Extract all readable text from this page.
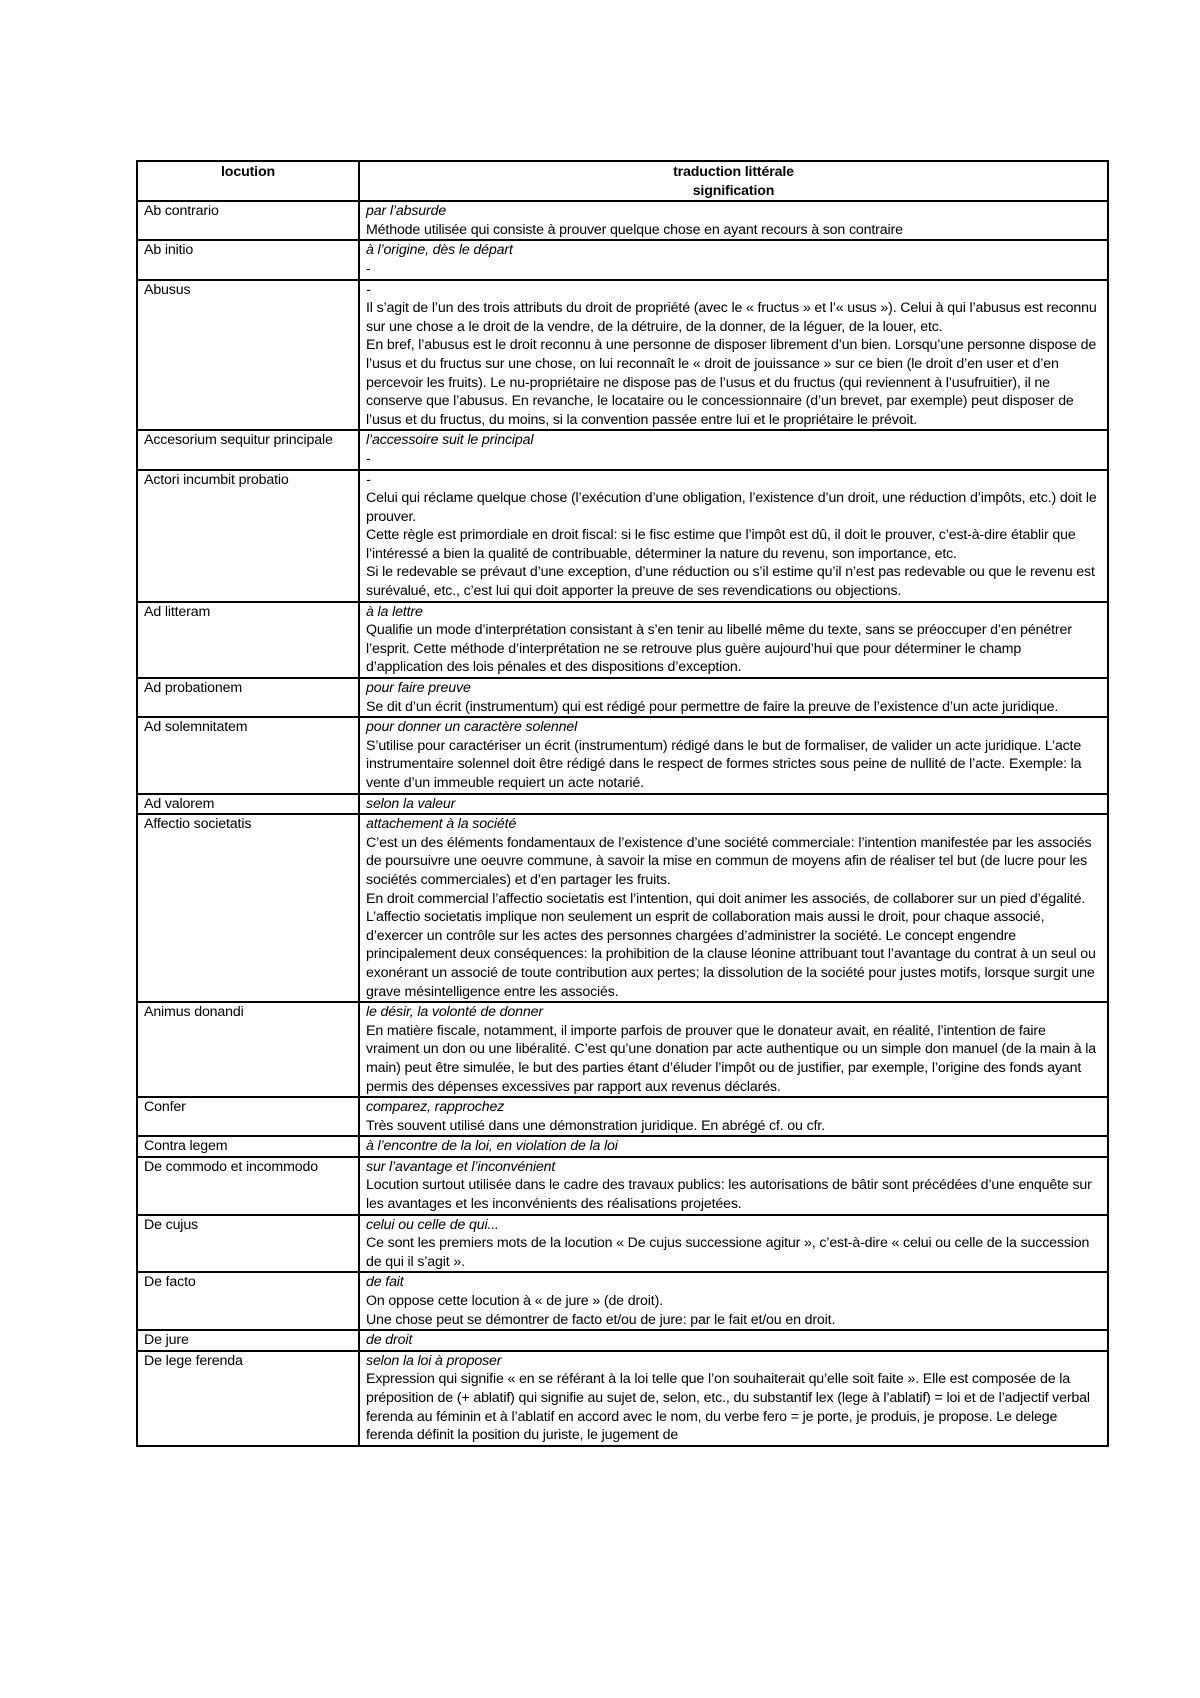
locution	traduction littérale
signification

Ab contrario	par l’absurde
Méthode utilisée qui consiste à prouver quelque chose en ayant recours à son contraire

Ab initio	à l’origine, dès le départ
-

Abusus	-
Il s’agit de l’un des trois attributs du droit de propriété (avec le « fructus » et l’« usus »). Celui à qui l’abusus est reconnu sur une chose a le droit de la vendre, de la détruire, de la donner, de la léguer, de la louer, etc.
En bref, l’abusus est le droit reconnu à une personne de disposer librement d’un bien. Lorsqu’une personne dispose de l’usus et du fructus sur une chose, on lui reconnaît le « droit de jouissance » sur ce bien (le droit d’en user et d’en percevoir les fruits). Le nu-propriétaire ne dispose pas de l’usus et du fructus (qui reviennent à l’usufruitier), il ne conserve que l’abusus. En revanche, le locataire ou le concessionnaire (d’un brevet, par exemple) peut disposer de l’usus et du fructus, du moins, si la convention passée entre lui et le propriétaire le prévoit.

Accesorium sequitur principale	l’accessoire suit le principal
-

Actori incumbit probatio	-
Celui qui réclame quelque chose (l’exécution d’une obligation, l’existence d’un droit, une réduction d’impôts, etc.) doit le prouver.
Cette règle est primordiale en droit fiscal: si le fisc estime que l’impôt est dû, il doit le prouver, c’est-à-dire établir que l’intéressé a bien la qualité de contribuable, déterminer la nature du revenu, son importance, etc.
Si le redevable se prévaut d’une exception, d’une réduction ou s’il estime qu’il n’est pas redevable ou que le revenu est surévalué, etc., c’est lui qui doit apporter la preuve de ses revendications ou objections.

Ad litteram	à la lettre
Qualifie un mode d’interprétation consistant à s’en tenir au libellé même du texte, sans se préoccuper d’en pénétrer l’esprit. Cette méthode d’interprétation ne se retrouve plus guère aujourd’hui que pour déterminer le champ d’application des lois pénales et des dispositions d’exception.

Ad probationem	pour faire preuve
Se dit d’un écrit (instrumentum) qui est rédigé pour permettre de faire la preuve de l’existence d’un acte juridique.

Ad solemnitatem	pour donner un caractère solennel
S’utilise pour caractériser un écrit (instrumentum) rédigé dans le but de formaliser, de valider un acte juridique. L’acte instrumentaire solennel doit être rédigé dans le respect de formes strictes sous peine de nullité de l’acte. Exemple: la vente d’un immeuble requiert un acte notarié.

Ad valorem	selon la valeur

Affectio societatis	attachement à la société
C’est un des éléments fondamentaux de l’existence d’une société commerciale: l’intention manifestée par les associés de poursuivre une oeuvre commune, à savoir la mise en commun de moyens afin de réaliser tel but (de lucre pour les sociétés commerciales) et d’en partager les fruits.
En droit commercial l’affectio societatis est l’intention, qui doit animer les associés, de collaborer sur un pied d’égalité. L’affectio societatis implique non seulement un esprit de collaboration mais aussi le droit, pour chaque associé, d’exercer un contrôle sur les actes des personnes chargées d’administrer la société. Le concept engendre principalement deux conséquences: la prohibition de la clause léonine attribuant tout l’avantage du contrat à un seul ou exonérant un associé de toute contribution aux pertes; la dissolution de la société pour justes motifs, lorsque surgit une grave mésintelligence entre les associés.

Animus donandi	le désir, la volonté de donner
En matière fiscale, notamment, il importe parfois de prouver que le donateur avait, en réalité, l’intention de faire vraiment un don ou une libéralité. C’est qu’une donation par acte authentique ou un simple don manuel (de la main à la main) peut être simulée, le but des parties étant d’éluder l’impôt ou de justifier, par exemple, l’origine des fonds ayant permis des dépenses excessives par rapport aux revenus déclarés.

Confer	comparez, rapprochez
Très souvent utilisé dans une démonstration juridique. En abrégé cf. ou cfr.

Contra legem	à l’encontre de la loi, en violation de la loi

De commodo et incommodo	sur l’avantage et l’inconvénient
Locution surtout utilisée dans le cadre des travaux publics: les autorisations de bâtir sont précédées d’une enquête sur les avantages et les inconvénients des réalisations projetées.

De cujus	celui ou celle de qui...
Ce sont les premiers mots de la locution « De cujus successione agitur », c’est-à-dire « celui ou celle de la succession de qui il s’agit ».

De facto	de fait
On oppose cette locution à « de jure » (de droit).
Une chose peut se démontrer de facto et/ou de jure: par le fait et/ou en droit.

De jure	de droit

De lege ferenda	selon la loi à proposer
Expression qui signifie « en se référant à la loi telle que l’on souhaiterait qu’elle soit faite ». Elle est composée de la préposition de (+ ablatif) qui signifie au sujet de, selon, etc., du substantif lex (lege à l’ablatif) = loi et de l’adjectif verbal ferenda au féminin et à l’ablatif en accord avec le nom, du verbe fero = je porte, je produis, je propose. Le delege ferenda définit la position du juriste, le jugement de
